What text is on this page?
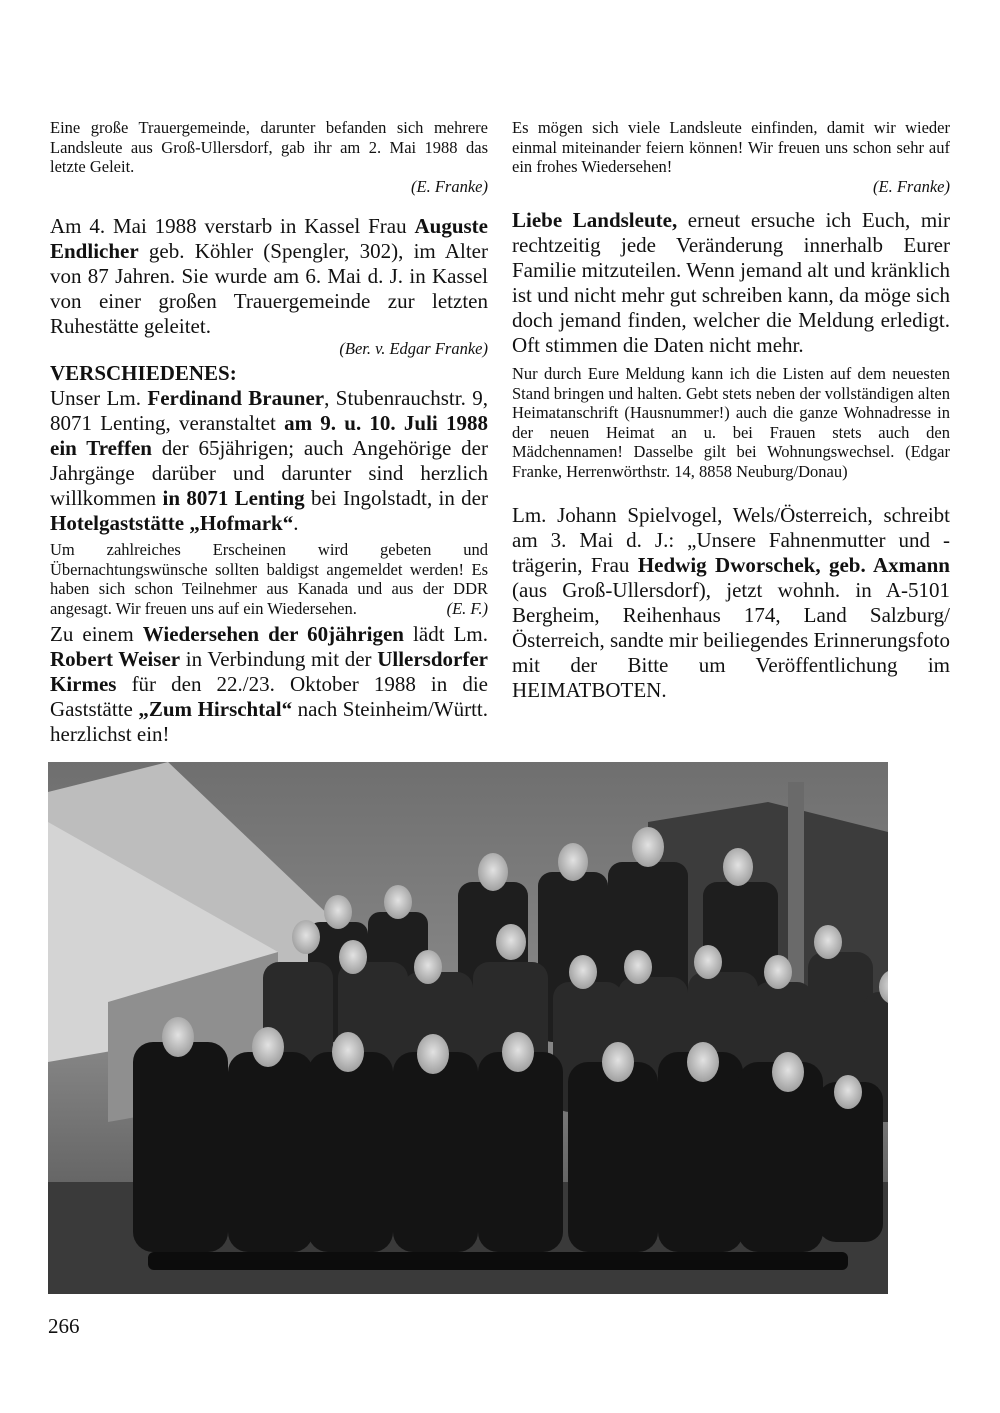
Eine große Trauergemeinde, darunter befanden sich mehrere Landsleute aus Groß-Ullersdorf, gab ihr am 2. Mai 1988 das letzte Geleit.
(E. Franke)

Am 4. Mai 1988 verstarb in Kassel Frau Auguste Endlicher geb. Köhler (Spengler, 302), im Alter von 87 Jahren. Sie wurde am 6. Mai d. J. in Kassel von einer großen Trauergemeinde zur letzten Ruhestätte geleitet.

(Ber. v. Edgar Franke)

VERSCHIEDENES:

Unser Lm. Ferdinand Brauner, Stubenrauchstr. 9, 8071 Lenting, veranstaltet am 9. u. 10. Juli 1988 ein Treffen der 65jährigen; auch Angehörige der Jahrgänge darüber und darunter sind herzlich willkommen in 8071 Lenting bei Ingolstadt, in der Hotelgaststätte „Hofmark“.

Um zahlreiches Erscheinen wird gebeten und Übernachtungswünsche sollten baldigst angemeldet werden! Es haben sich schon Teilnehmer aus Kanada und aus der DDR angesagt. Wir freuen uns auf ein Wiedersehen.	(E. F.)

Zu einem Wiedersehen der 60jährigen lädt Lm. Robert Weiser in Verbindung mit der Ullersdorfer Kirmes für den 22./23. Oktober 1988 in die Gaststätte „Zum Hirschtal“ nach Steinheim/Württ. herzlichst ein!

Es mögen sich viele Landsleute einfinden, damit wir wieder einmal miteinander feiern können! Wir freuen uns schon sehr auf ein frohes Wiedersehen!
(E. Franke)

Liebe Landsleute, erneut ersuche ich Euch, mir rechtzeitig jede Veränderung innerhalb Eurer Familie mitzuteilen. Wenn jemand alt und kränklich ist und nicht mehr gut schreiben kann, da möge sich doch jemand finden, welcher die Meldung erledigt. Oft stimmen die Daten nicht mehr.

Nur durch Eure Meldung kann ich die Listen auf dem neuesten Stand bringen und halten. Gebt stets neben der vollständigen alten Heimatanschrift (Hausnummer!) auch die ganze Wohnadresse in der neuen Heimat an u. bei Frauen stets auch den Mädchennamen! Dasselbe gilt bei Wohnungswechsel. (Edgar Franke, Herrenwörthstr. 14, 8858 Neuburg/Donau)

Lm. Johann Spielvogel, Wels/Österreich, schreibt am 3. Mai d. J.: „Unsere Fahnenmutter und -trägerin, Frau Hedwig Dworschek, geb. Axmann (aus Groß-Ullersdorf), jetzt wohnh. in A-5101 Bergheim, Reihenhaus 174, Land Salzburg/Österreich, sandte mir beiliegendes Erinnerungsfoto mit der Bitte um Veröffentlichung im HEIMATBOTEN.

266
